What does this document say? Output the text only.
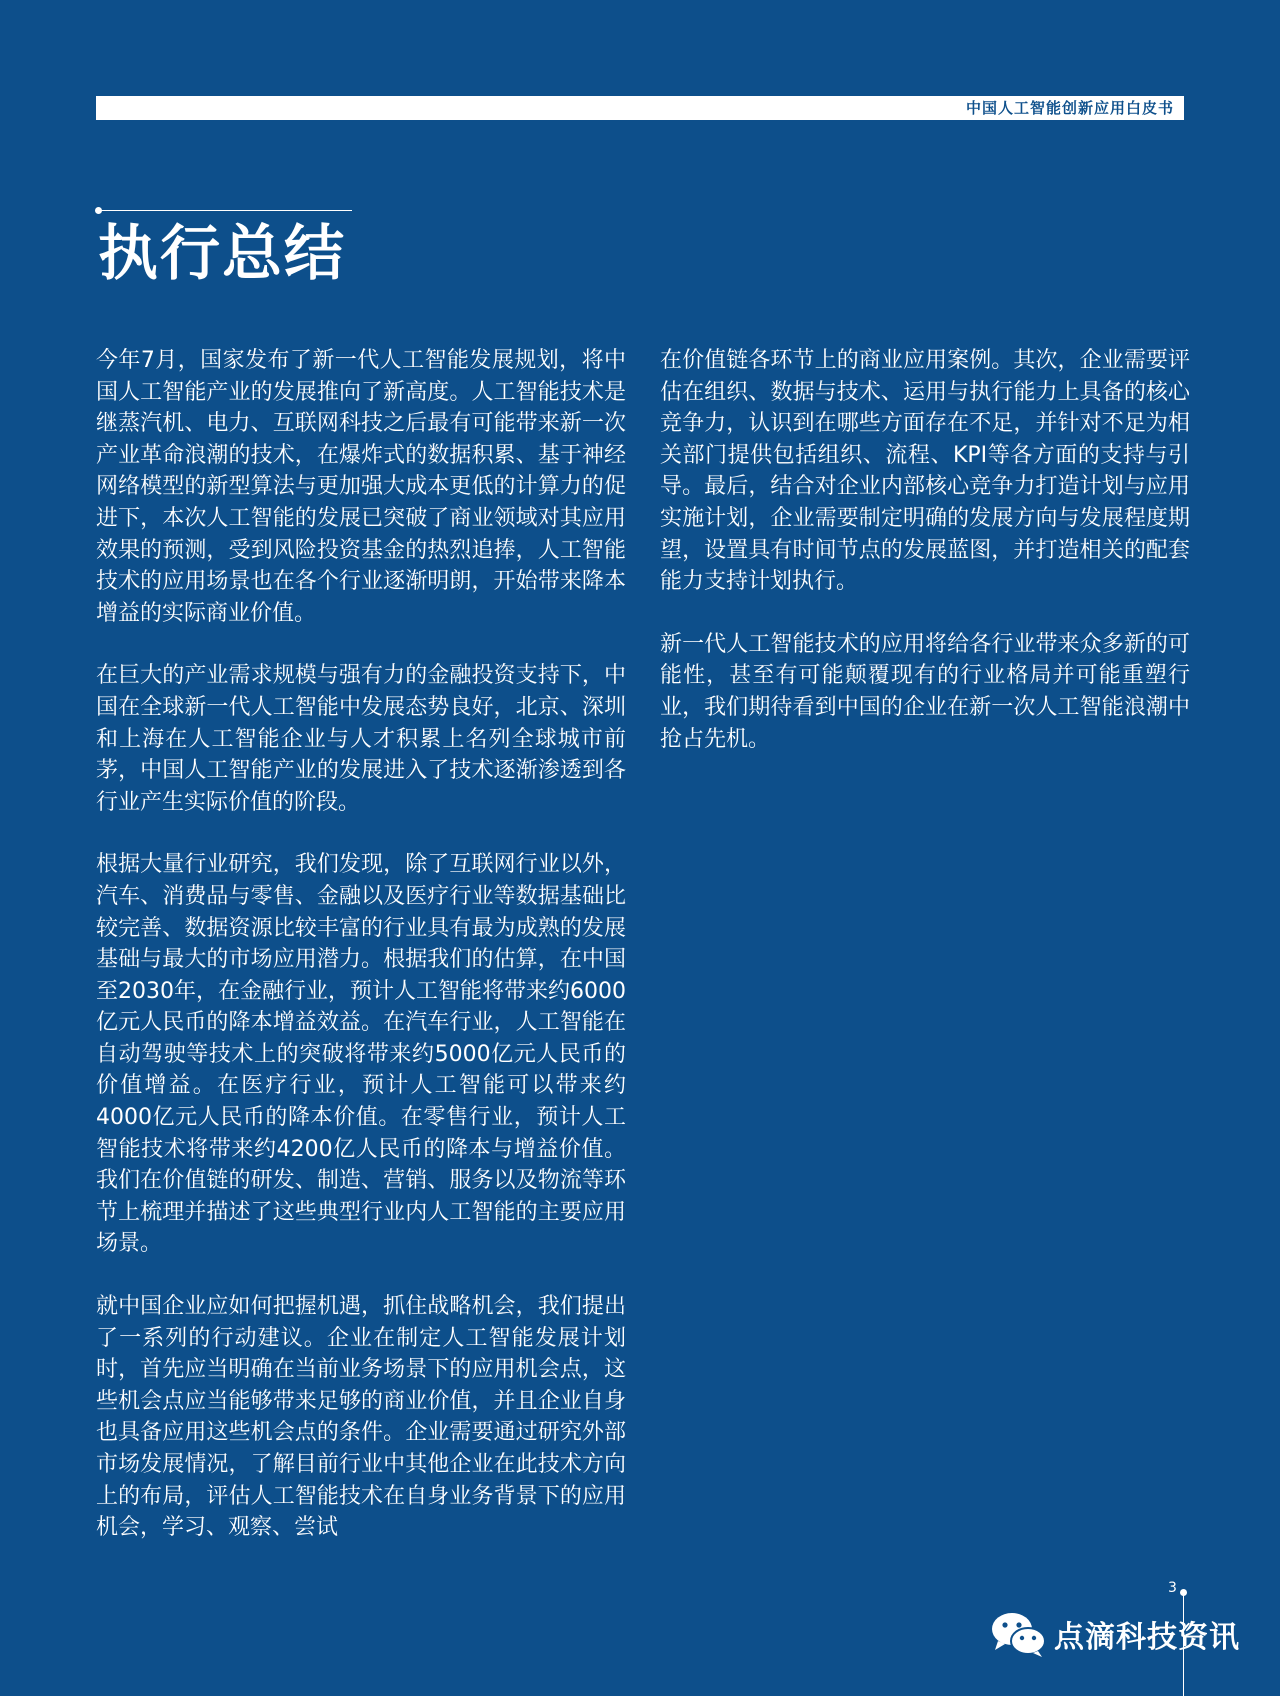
中国人工智能创新应用白皮书
执行总结

今年7月，国家发布了新一代人工智能发展规划，将中国人工智能产业的发展推向了新高度。人工智能技术是继蒸汽机、电力、互联网科技之后最有可能带来新一次产业革命浪潮的技术，在爆炸式的数据积累、基于神经网络模型的新型算法与更加强大成本更低的计算力的促进下，本次人工智能的发展已突破了商业领域对其应用效果的预测，受到风险投资基金的热烈追捧，人工智能技术的应用场景也在各个行业逐渐明朗，开始带来降本增益的实际商业价值。

在巨大的产业需求规模与强有力的金融投资支持下，中国在全球新一代人工智能中发展态势良好，北京、深圳和上海在人工智能企业与人才积累上名列全球城市前茅，中国人工智能产业的发展进入了技术逐渐渗透到各行业产生实际价值的阶段。

根据大量行业研究，我们发现，除了互联网行业以外，汽车、消费品与零售、金融以及医疗行业等数据基础比较完善、数据资源比较丰富的行业具有最为成熟的发展基础与最大的市场应用潜力。根据我们的估算，在中国至2030年，在金融行业，预计人工智能将带来约6000亿元人民币的降本增益效益。在汽车行业，人工智能在自动驾驶等技术上的突破将带来约5000亿元人民币的价值增益。在医疗行业，预计人工智能可以带来约4000亿元人民币的降本价值。在零售行业，预计人工智能技术将带来约4200亿人民币的降本与增益价值。我们在价值链的研发、制造、营销、服务以及物流等环节上梳理并描述了这些典型行业内人工智能的主要应用场景。

就中国企业应如何把握机遇，抓住战略机会，我们提出了一系列的行动建议。企业在制定人工智能发展计划时，首先应当明确在当前业务场景下的应用机会点，这些机会点应当能够带来足够的商业价值，并且企业自身也具备应用这些机会点的条件。企业需要通过研究外部市场发展情况，了解目前行业中其他企业在此技术方向上的布局，评估人工智能技术在自身业务背景下的应用机会，学习、观察、尝试

在价值链各环节上的商业应用案例。其次，企业需要评估在组织、数据与技术、运用与执行能力上具备的核心竞争力，认识到在哪些方面存在不足，并针对不足为相关部门提供包括组织、流程、KPI等各方面的支持与引导。最后，结合对企业内部核心竞争力打造计划与应用实施计划，企业需要制定明确的发展方向与发展程度期望，设置具有时间节点的发展蓝图，并打造相关的配套能力支持计划执行。

新一代人工智能技术的应用将给各行业带来众多新的可能性，甚至有可能颠覆现有的行业格局并可能重塑行业，我们期待看到中国的企业在新一次人工智能浪潮中抢占先机。

3
点滴科技资讯
